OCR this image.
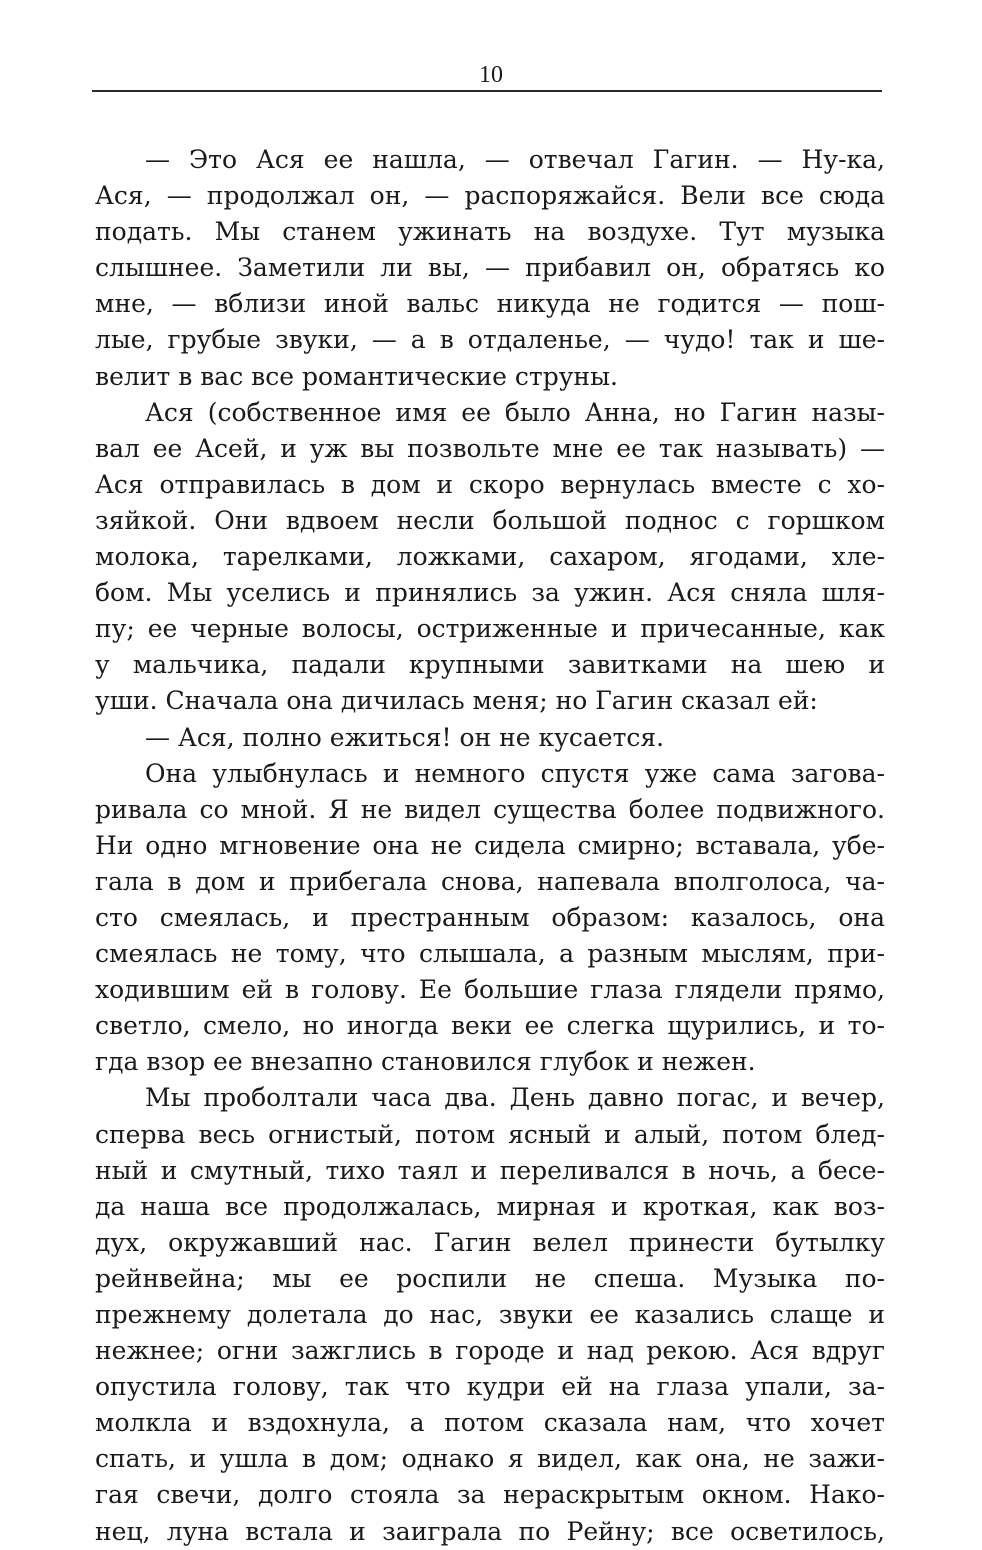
10
— Это Ася ее нашла, — отвечал Гагин. — Ну-ка,
Ася, — продолжал он, — распоряжайся. Вели все сюда
подать. Мы станем ужинать на воздухе. Тут музыка
слышнее. Заметили ли вы, — прибавил он, обратясь ко
мне, — вблизи иной вальс никуда не годится — пош-
лые, грубые звуки, — а в отдаленье, — чудо! так и ше-
велит в вас все романтические струны.
Ася (собственное имя ее было Анна, но Гагин назы-
вал ее Асей, и уж вы позвольте мне ее так называть) —
Ася отправилась в дом и скоро вернулась вместе с хо-
зяйкой. Они вдвоем несли большой поднос с горшком
молока, тарелками, ложками, сахаром, ягодами, хле-
бом. Мы уселись и принялись за ужин. Ася сняла шля-
пу; ее черные волосы, остриженные и причесанные, как
у мальчика, падали крупными завитками на шею и
уши. Сначала она дичилась меня; но Гагин сказал ей:
— Ася, полно ежиться! он не кусается.
Она улыбнулась и немного спустя уже сама загова-
ривала со мной. Я не видел существа более подвижного.
Ни одно мгновение она не сидела смирно; вставала, убе-
гала в дом и прибегала снова, напевала вполголоса, ча-
сто смеялась, и престранным образом: казалось, она
смеялась не тому, что слышала, а разным мыслям, при-
ходившим ей в голову. Ее большие глаза глядели прямо,
светло, смело, но иногда веки ее слегка щурились, и то-
гда взор ее внезапно становился глубок и нежен.
Мы проболтали часа два. День давно погас, и вечер,
сперва весь огнистый, потом ясный и алый, потом блед-
ный и смутный, тихо таял и переливался в ночь, а бесе-
да наша все продолжалась, мирная и кроткая, как воз-
дух, окружавший нас. Гагин велел принести бутылку
рейнвейна; мы ее роспили не спеша. Музыка по-
прежнему долетала до нас, звуки ее казались слаще и
нежнее; огни зажглись в городе и над рекою. Ася вдруг
опустила голову, так что кудри ей на глаза упали, за-
молкла и вздохнула, а потом сказала нам, что хочет
спать, и ушла в дом; однако я видел, как она, не зажи-
гая свечи, долго стояла за нераскрытым окном. Нако-
нец, луна встала и заиграла по Рейну; все осветилось,
